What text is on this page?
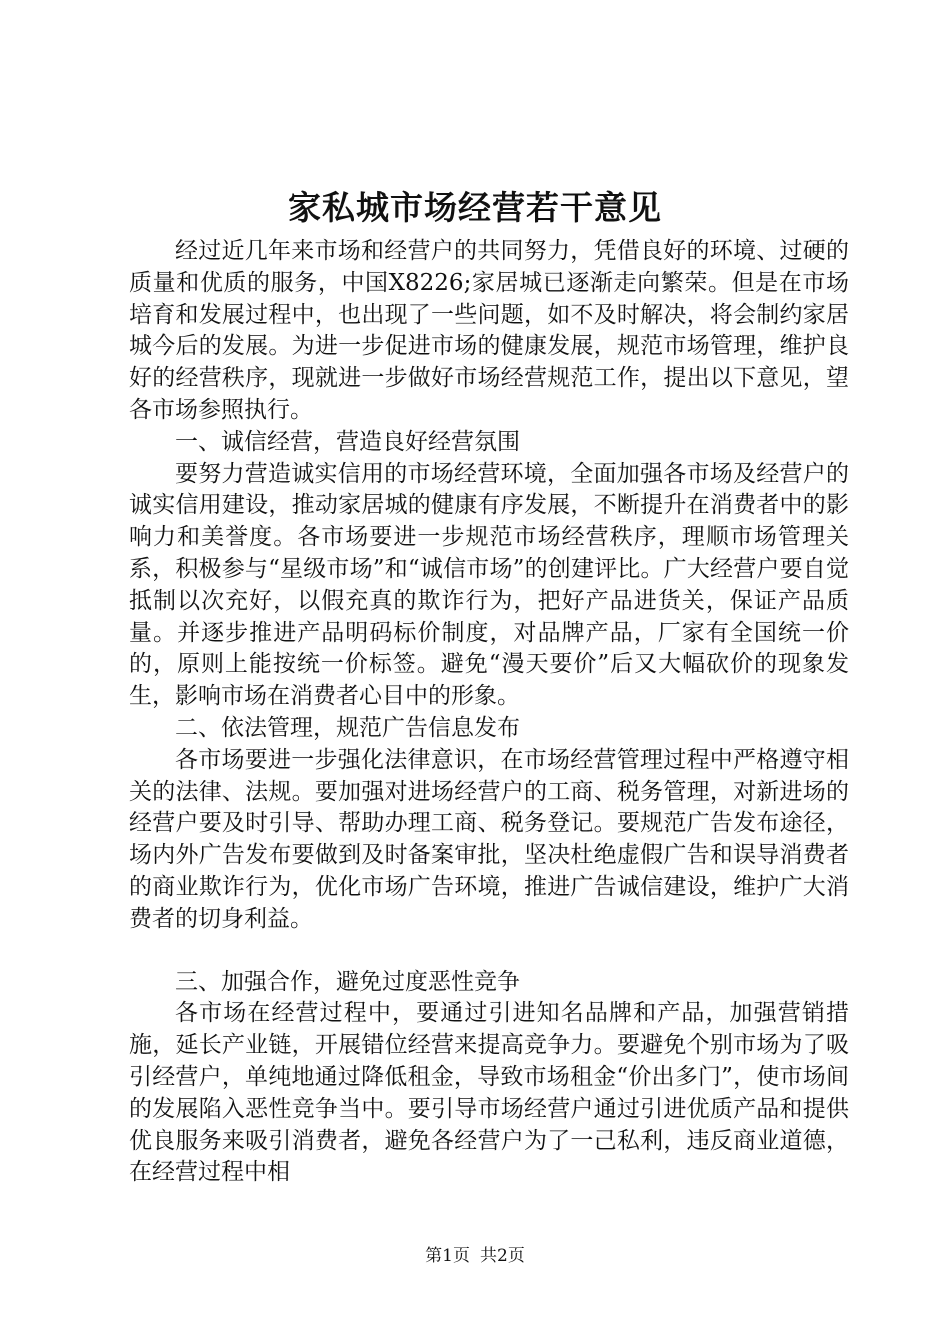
家私城市场经营若干意见

经过近几年来市场和经营户的共同努力，凭借良好的环境、过硬的质量和优质的服务，中国X8226;家居城已逐渐走向繁荣。但是在市场培育和发展过程中，也出现了一些问题，如不及时解决，将会制约家居城今后的发展。为进一步促进市场的健康发展，规范市场管理，维护良好的经营秩序，现就进一步做好市场经营规范工作，提出以下意见，望各市场参照执行。

一、诚信经营，营造良好经营氛围

要努力营造诚实信用的市场经营环境，全面加强各市场及经营户的诚实信用建设，推动家居城的健康有序发展，不断提升在消费者中的影响力和美誉度。各市场要进一步规范市场经营秩序，理顺市场管理关系，积极参与“星级市场”和“诚信市场”的创建评比。广大经营户要自觉抵制以次充好，以假充真的欺诈行为，把好产品进货关，保证产品质量。并逐步推进产品明码标价制度，对品牌产品，厂家有全国统一价的，原则上能按统一价标签。避免“漫天要价”后又大幅砍价的现象发生，影响市场在消费者心目中的形象。

二、依法管理，规范广告信息发布

各市场要进一步强化法律意识，在市场经营管理过程中严格遵守相关的法律、法规。要加强对进场经营户的工商、税务管理，对新进场的经营户要及时引导、帮助办理工商、税务登记。要规范广告发布途径，场内外广告发布要做到及时备案审批，坚决杜绝虚假广告和误导消费者的商业欺诈行为，优化市场广告环境，推进广告诚信建设，维护广大消费者的切身利益。

三、加强合作，避免过度恶性竞争

各市场在经营过程中，要通过引进知名品牌和产品，加强营销措施，延长产业链，开展错位经营来提高竞争力。要避免个别市场为了吸引经营户，单纯地通过降低租金，导致市场租金“价出多门”，使市场间的发展陷入恶性竞争当中。要引导市场经营户通过引进优质产品和提供优良服务来吸引消费者，避免各经营户为了一己私利，违反商业道德，在经营过程中相

第1页 共2页
